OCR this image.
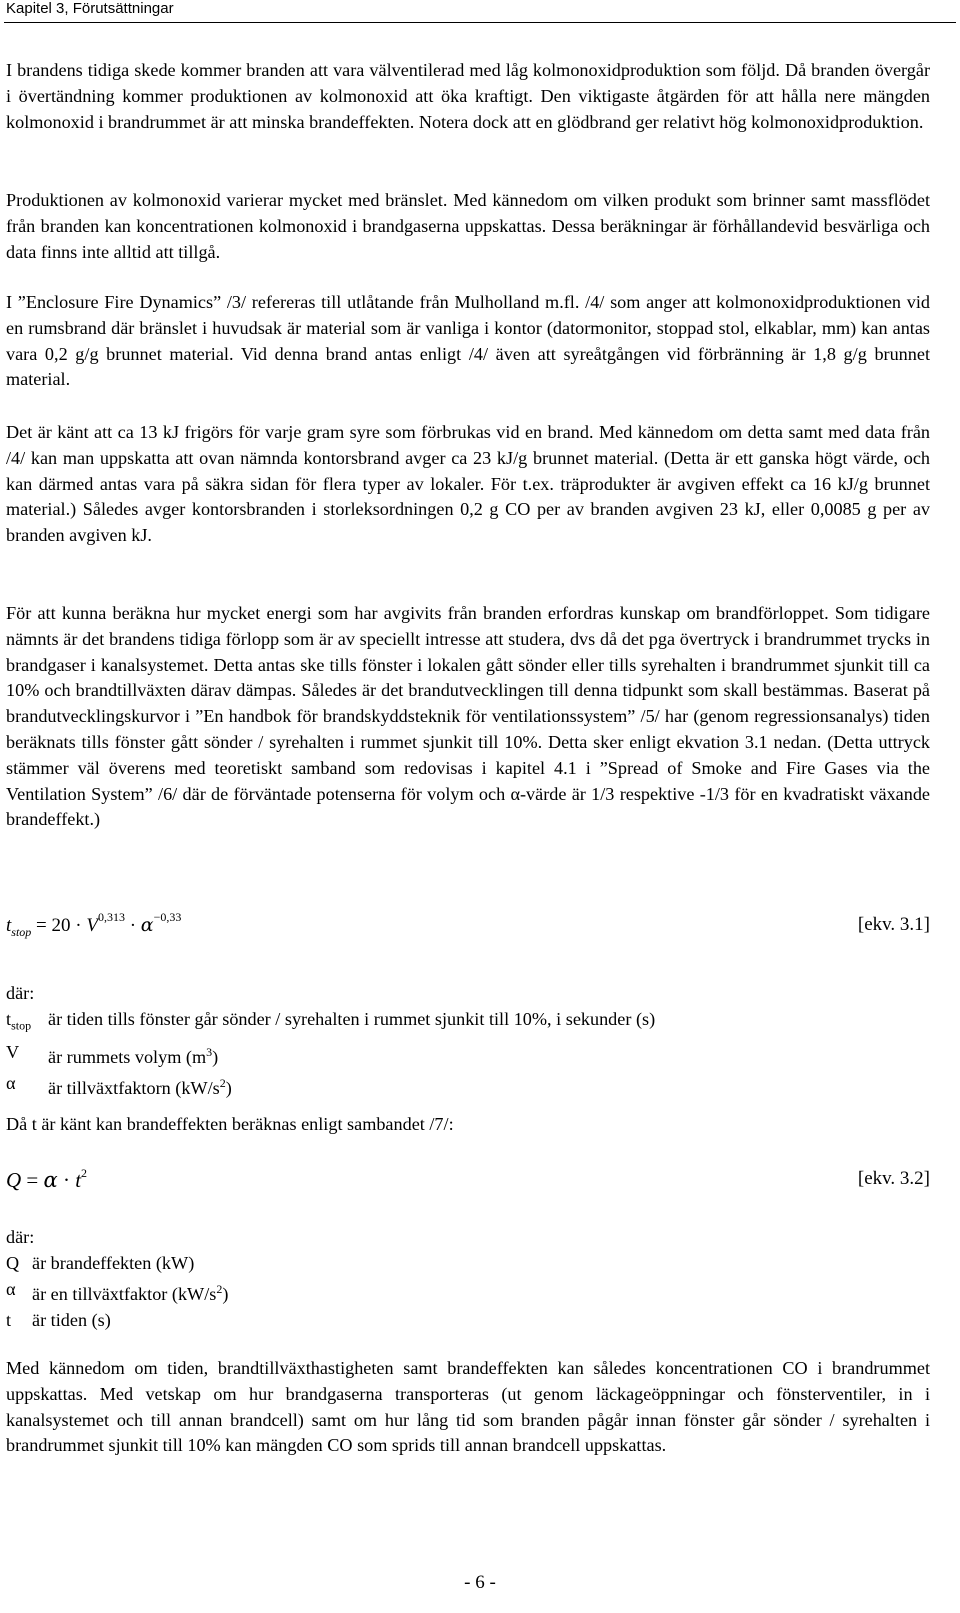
Kapitel 3, Förutsättningar
I brandens tidiga skede kommer branden att vara välventilerad med låg kolmonoxidproduktion som följd. Då branden övergår i övertändning kommer produktionen av kolmonoxid att öka kraftigt. Den viktigaste åtgärden för att hålla nere mängden kolmonoxid i brandrummet är att minska brandeffekten. Notera dock att en glödbrand ger relativt hög kolmonoxidproduktion.
Produktionen av kolmonoxid varierar mycket med bränslet. Med kännedom om vilken produkt som brinner samt massflödet från branden kan koncentrationen kolmonoxid i brandgaserna uppskattas. Dessa beräkningar är förhållandevid besvärliga och data finns inte alltid att tillgå.
I ”Enclosure Fire Dynamics” /3/ refereras till utlåtande från Mulholland m.fl. /4/ som anger att kolmonoxidproduktionen vid en rumsbrand där bränslet i huvudsak är material som är vanliga i kontor (datormonitor, stoppad stol, elkablar, mm) kan antas vara 0,2 g/g brunnet material. Vid denna brand antas enligt /4/ även att syreåtgången vid förbränning är 1,8 g/g brunnet material.
Det är känt att ca 13 kJ frigörs för varje gram syre som förbrukas vid en brand. Med kännedom om detta samt med data från /4/ kan man uppskatta att ovan nämnda kontorsbrand avger ca 23 kJ/g brunnet material. (Detta är ett ganska högt värde, och kan därmed antas vara på säkra sidan för flera typer av lokaler. För t.ex. träprodukter är avgiven effekt ca 16 kJ/g brunnet material.) Således avger kontorsbranden i storleksordningen 0,2 g CO per av branden avgiven 23 kJ, eller 0,0085 g per av branden avgiven kJ.
För att kunna beräkna hur mycket energi som har avgivits från branden erfordras kunskap om brandförloppet. Som tidigare nämnts är det brandens tidiga förlopp som är av speciellt intresse att studera, dvs då det pga övertryck i brandrummet trycks in brandgaser i kanalsystemet. Detta antas ske tills fönster i lokalen gått sönder eller tills syrehalten i brandrummet sjunkit till ca 10% och brandtillväxten därav dämpas. Således är det brandutvecklingen till denna tidpunkt som skall bestämmas. Baserat på brandutvecklingskurvor i ”En handbok för brandskyddsteknik för ventilationssystem” /5/ har (genom regressionsanalys) tiden beräknats tills fönster gått sönder / syrehalten i rummet sjunkit till 10%. Detta sker enligt ekvation 3.1 nedan. (Detta uttryck stämmer väl överens med teoretiskt samband som redovisas i kapitel 4.1 i ”Spread of Smoke and Fire Gases via the Ventilation System” /6/ där de förväntade potenserna för volym och α-värde är 1/3 respektive -1/3 för en kvadratiskt växande brandeffekt.)
$t_{stop} = 20 \cdot V^{0,313} \cdot \alpha^{-0,33}$	[ekv. 3.1]
där:
$t_{stop}$ är tiden tills fönster går sönder / syrehalten i rummet sjunkit till 10%, i sekunder (s)
V	är rummets volym $(m^3)$
α	är tillväxtfaktorn $(kW/s^2)$
Då t är känt kan brandeffekten beräknas enligt sambandet /7/:
$Q = \alpha \cdot t^2$	[ekv. 3.2]
där:
Q är brandeffekten (kW)
α är en tillväxtfaktor $(kW/s^2)$
t	är tiden (s)
Med kännedom om tiden, brandtillväxthastigheten samt brandeffekten kan således koncentrationen CO i brandrummet uppskattas. Med vetskap om hur brandgaserna transporteras (ut genom läckageöppningar och fönsterventiler, in i kanalsystemet och till annan brandcell) samt om hur lång tid som branden pågår innan fönster går sönder / syrehalten i brandrummet sjunkit till 10% kan mängden CO som sprids till annan brandcell uppskattas.
- 6 -
